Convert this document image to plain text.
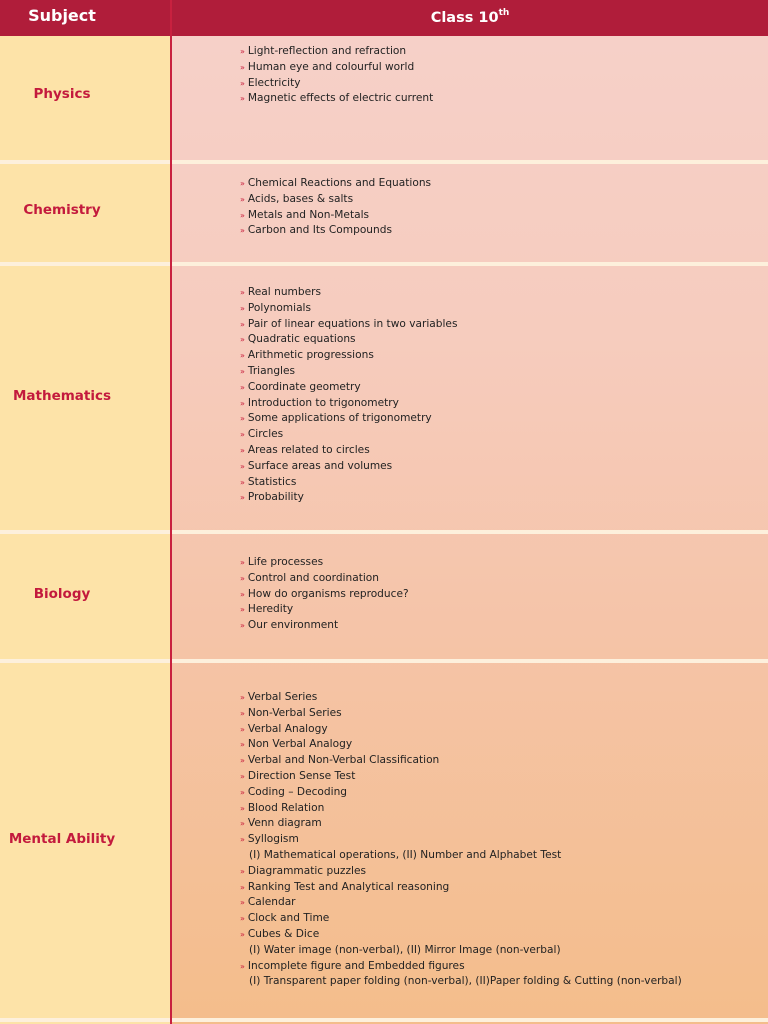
Subject	Class 10th
Physics
» Light-reflection and refraction
» Human eye and colourful world
» Electricity
» Magnetic effects of electric current
Chemistry
» Chemical Reactions and Equations
» Acids, bases & salts
» Metals and Non-Metals
» Carbon and Its Compounds
Mathematics
» Real numbers
» Polynomials
» Pair of linear equations in two variables
» Quadratic equations
» Arithmetic progressions
» Triangles
» Coordinate geometry
» Introduction to trigonometry
» Some applications of trigonometry
» Circles
» Areas related to circles
» Surface areas and volumes
» Statistics
» Probability
Biology
» Life processes
» Control and coordination
» How do organisms reproduce?
» Heredity
» Our environment
Mental Ability
» Verbal Series
» Non-Verbal Series
» Verbal Analogy
» Non Verbal Analogy
» Verbal and Non-Verbal Classification
» Direction Sense Test
» Coding – Decoding
» Blood Relation
» Venn diagram
» Syllogism
(I) Mathematical operations, (II) Number and Alphabet Test
» Diagrammatic puzzles
» Ranking Test and Analytical reasoning
» Calendar
» Clock and Time
» Cubes & Dice
(I) Water image (non-verbal), (II) Mirror Image (non-verbal)
» Incomplete figure and Embedded figures
(I) Transparent paper folding (non-verbal), (II)Paper folding & Cutting (non-verbal)
